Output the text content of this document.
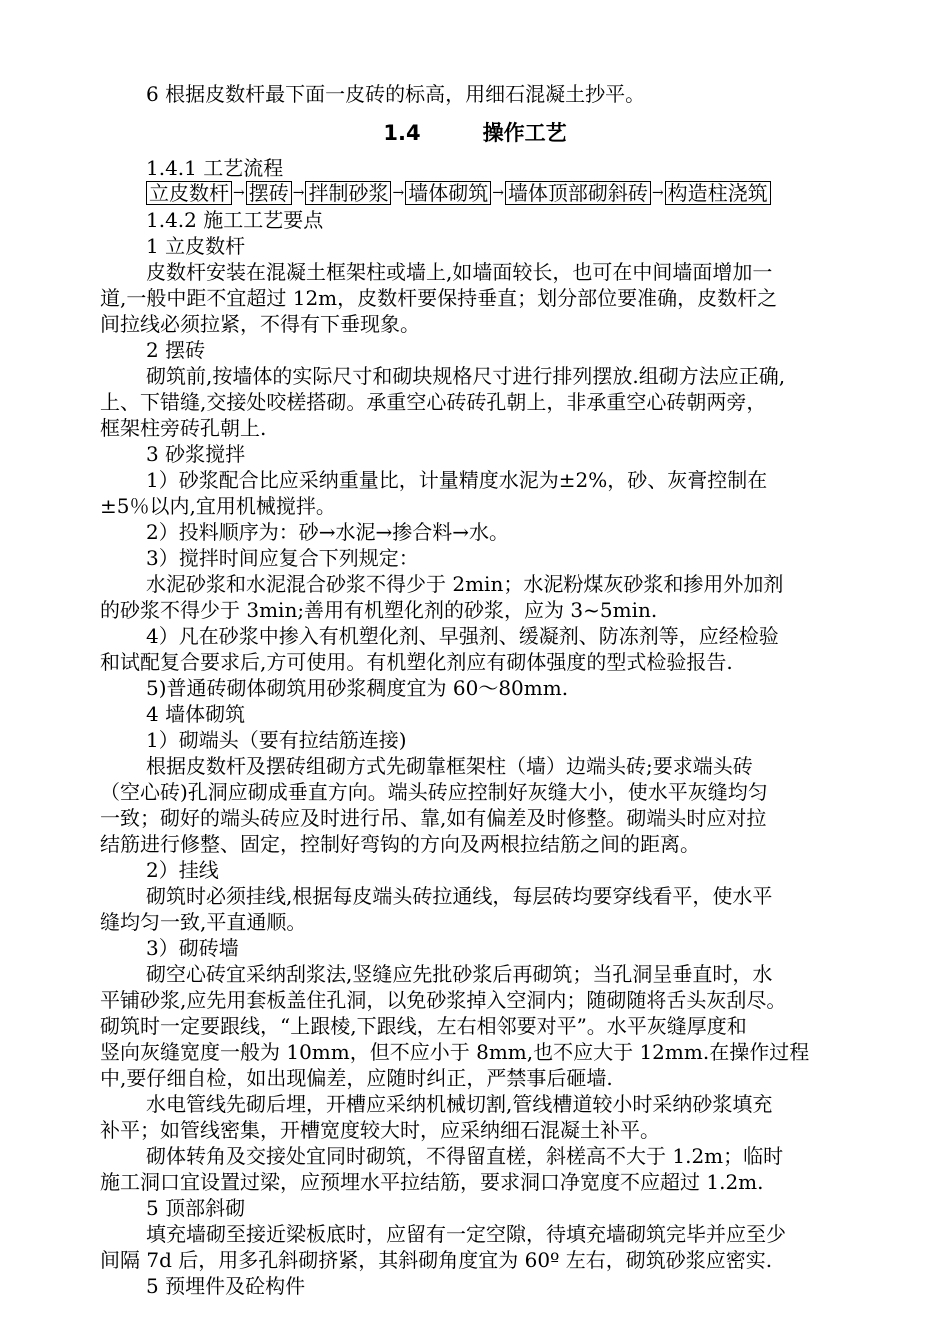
6 根据皮数杆最下面一皮砖的标高，用细石混凝土抄平。
1.4	操作工艺
1.4.1 工艺流程
立皮数杆 → 摆砖 → 拌制砂浆 → 墙体砌筑 → 墙体顶部砌斜砖 → 构造柱浇筑
1.4.2 施工工艺要点
1 立皮数杆
皮数杆安装在混凝土框架柱或墙上,如墙面较长，也可在中间墙面增加一
道,一般中距不宜超过 12m，皮数杆要保持垂直；划分部位要准确，皮数杆之
间拉线必须拉紧，不得有下垂现象。
2 摆砖
砌筑前,按墙体的实际尺寸和砌块规格尺寸进行排列摆放.组砌方法应正确,
上、下错缝,交接处咬槎搭砌。承重空心砖砖孔朝上，非承重空心砖朝两旁，
框架柱旁砖孔朝上.
3 砂浆搅拌
1）砂浆配合比应采纳重量比，计量精度水泥为±2%，砂、灰膏控制在
±5％以内,宜用机械搅拌。
2）投料顺序为：砂→水泥→掺合料→水。
3）搅拌时间应复合下列规定：
水泥砂浆和水泥混合砂浆不得少于 2min；水泥粉煤灰砂浆和掺用外加剂
的砂浆不得少于 3min;善用有机塑化剂的砂浆，应为 3~5min.
4）凡在砂浆中掺入有机塑化剂、早强剂、缓凝剂、防冻剂等，应经检验
和试配复合要求后,方可使用。有机塑化剂应有砌体强度的型式检验报告.
5)普通砖砌体砌筑用砂浆稠度宜为 60～80mm.
4 墙体砌筑
1）砌端头（要有拉结筋连接)
根据皮数杆及摆砖组砌方式先砌靠框架柱（墙）边端头砖;要求端头砖
（空心砖)孔洞应砌成垂直方向。端头砖应控制好灰缝大小，使水平灰缝均匀
一致；砌好的端头砖应及时进行吊、靠,如有偏差及时修整。砌端头时应对拉
结筋进行修整、固定，控制好弯钩的方向及两根拉结筋之间的距离。
2）挂线
砌筑时必须挂线,根据每皮端头砖拉通线，每层砖均要穿线看平，使水平
缝均匀一致,平直通顺。
3）砌砖墙
砌空心砖宜采纳刮浆法,竖缝应先批砂浆后再砌筑；当孔洞呈垂直时，水
平铺砂浆,应先用套板盖住孔洞，以免砂浆掉入空洞内；随砌随将舌头灰刮尽。
砌筑时一定要跟线，“上跟棱,下跟线，左右相邻要对平”。水平灰缝厚度和
竖向灰缝宽度一般为 10mm，但不应小于 8mm,也不应大于 12mm.在操作过程
中,要仔细自检，如出现偏差，应随时纠正，严禁事后砸墙.
水电管线先砌后埋，开槽应采纳机械切割,管线槽道较小时采纳砂浆填充
补平；如管线密集，开槽宽度较大时，应采纳细石混凝土补平。
砌体转角及交接处宜同时砌筑，不得留直槎，斜槎高不大于 1.2m；临时
施工洞口宜设置过梁，应预埋水平拉结筋，要求洞口净宽度不应超过 1.2m.
5 顶部斜砌
填充墙砌至接近梁板底时，应留有一定空隙，待填充墙砌筑完毕并应至少
间隔 7d 后，用多孔斜砌挤紧，其斜砌角度宜为 60º 左右，砌筑砂浆应密实.
5 预埋件及砼构件
